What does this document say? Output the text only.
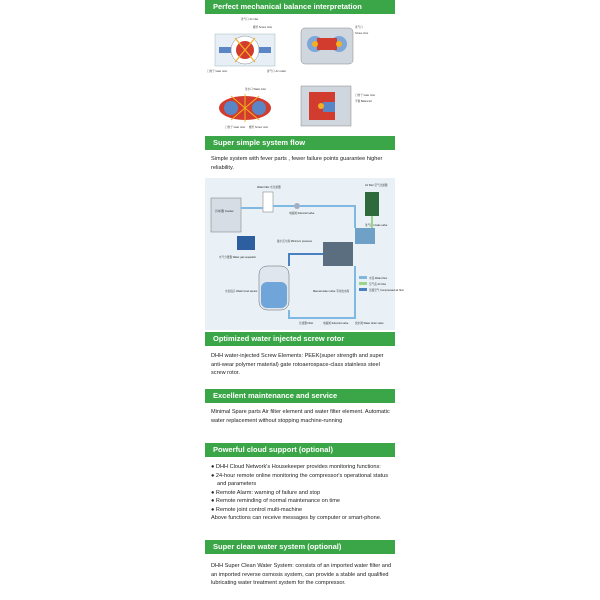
Perfect mechanical balance interpretation
进气口 Air inlet
螺杆 Screw rotor
门转子 Gate rotor	排气口 Air outlet
进气口
Screw rotor
进水口 Water inlet
门转子 Gate rotor 螺杆 Screw rotor
门转子 Gate rotor
平衡 Balanced
Super simple system flow
Simple system with fever parts , fewer failure points guarantee higher reliability.
冷却器 Cooler
Water filter 水过滤器
电磁阀 Solenoid valve
Air filter 空气过滤器
进气阀 Intake valve
最小压力阀 Minimum pressure
水气分离器 Water gas separator
水位指示 Water level sensor	Manual water valve 手动放水阀
过滤器 Filter	电磁阀 Solenoid valve	放水阀 Water drain valve
水流 Water flow
空气流 Air flow
压缩空气 Compressed air flow
Optimized water injected screw rotor
DHH water-injected Screw Elements: PEEK(super strength and super anti-wear polymer material) gate rotoaerospace-class stainless steel screw rotor.
Excellent maintenance and service
Minimal Spare parts Air filter element and water filter element. Automatic water replacement without stopping machine-running
Powerful cloud support (optional)
● DHH Cloud Network's Housekeeper provides monitoring functions:
● 24-hour remote online monitoring the compressor's operational status and parameters
● Remote Alarm: warning of failure and stop
● Remote reminding of normal maintenance on time
● Remote joint control multi-machine
Above functions can receive messages by computer or smart-phone.
Super clean water system (optional)
DHH Super Clean Water System: consists of an imported water filter and an imported reverse osmosis system, can provide a stable and qualified lubricating water treatment system for the compressor.
